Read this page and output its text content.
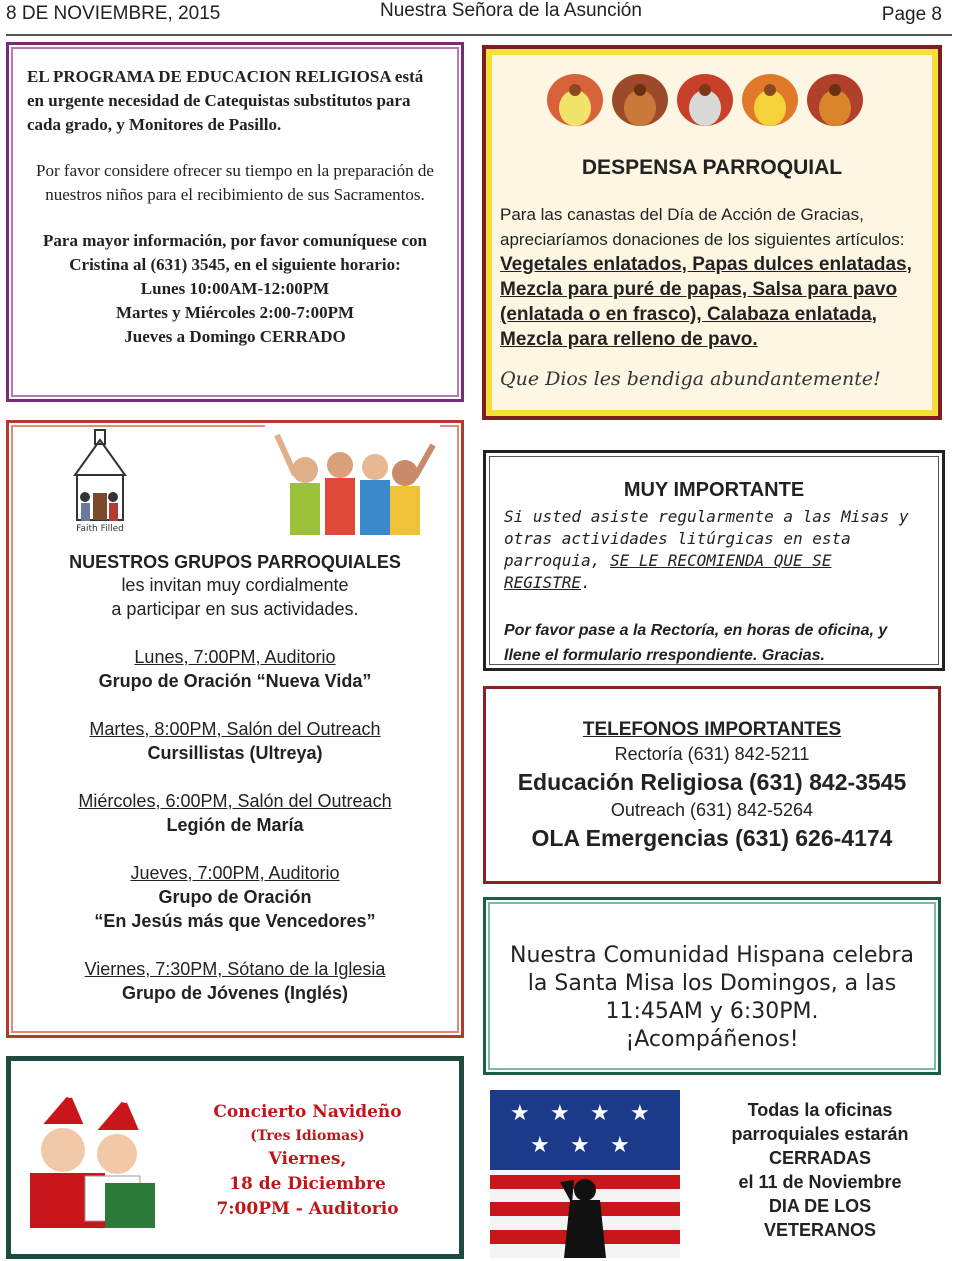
8 DE NOVIEMBRE, 2015	Nuestra Señora de la Asunción	Page 8

EL PROGRAMA DE EDUCACION RELIGIOSA está en urgente necesidad de Catequistas substitutos para cada grado, y Monitores de Pasillo.

Por favor considere ofrecer su tiempo en la preparación de nuestros niños para el recibimiento de sus Sacramentos.

Para mayor información, por favor comuníquese con Cristina al (631) 3545, en el siguiente horario:

Lunes 10:00AM-12:00PM
Martes y Miércoles 2:00-7:00PM
Jueves a Domingo CERRADO
DESPENSA PARROQUIAL
Para las canastas del Día de Acción de Gracias, apreciaríamos donaciones de los siguientes artículos: Vegetales enlatados, Papas dulces enlatadas, Mezcla para puré de papas, Salsa para pavo (enlatada o en frasco), Calabaza enlatada, Mezcla para relleno de pavo.
Que Dios les bendiga abundantemente!
Faith Filled
NUESTROS GRUPOS PARROQUIALES
les invitan muy cordialmente
a participar en sus actividades.
Lunes, 7:00PM, Auditorio
Grupo de Oración “Nueva Vida”
Martes, 8:00PM, Salón del Outreach
Cursillistas (Ultreya)
Miércoles, 6:00PM, Salón del Outreach
Legión de María
Jueves, 7:00PM, Auditorio
Grupo de Oración
“En Jesús más que Vencedores”
Viernes, 7:30PM, Sótano de la Iglesia
Grupo de Jóvenes (Inglés)
MUY IMPORTANTE
Si usted asiste regularmente a las Misas y otras actividades litúrgicas en esta parroquia, SE LE RECOMIENDA QUE SE REGISTRE.
Por favor pase a la Rectoría, en horas de oficina, y llene el formulario rrespondiente. Gracias.
TELEFONOS IMPORTANTES
Rectoría (631) 842-5211
Educación Religiosa (631) 842-3545
Outreach (631) 842-5264
OLA Emergencias (631) 626-4174
Nuestra Comunidad Hispana celebra
la Santa Misa los Domingos, a las
11:45AM y 6:30PM.
¡Acompáñenos!
Concierto Navideño
(Tres Idiomas)
Viernes,
18 de Diciembre
7:00PM - Auditorio
★ ★ ★ ★
★ ★ ★
Todas la oficinas
parroquiales estarán
CERRADAS
el 11 de Noviembre
DIA DE LOS
VETERANOS
